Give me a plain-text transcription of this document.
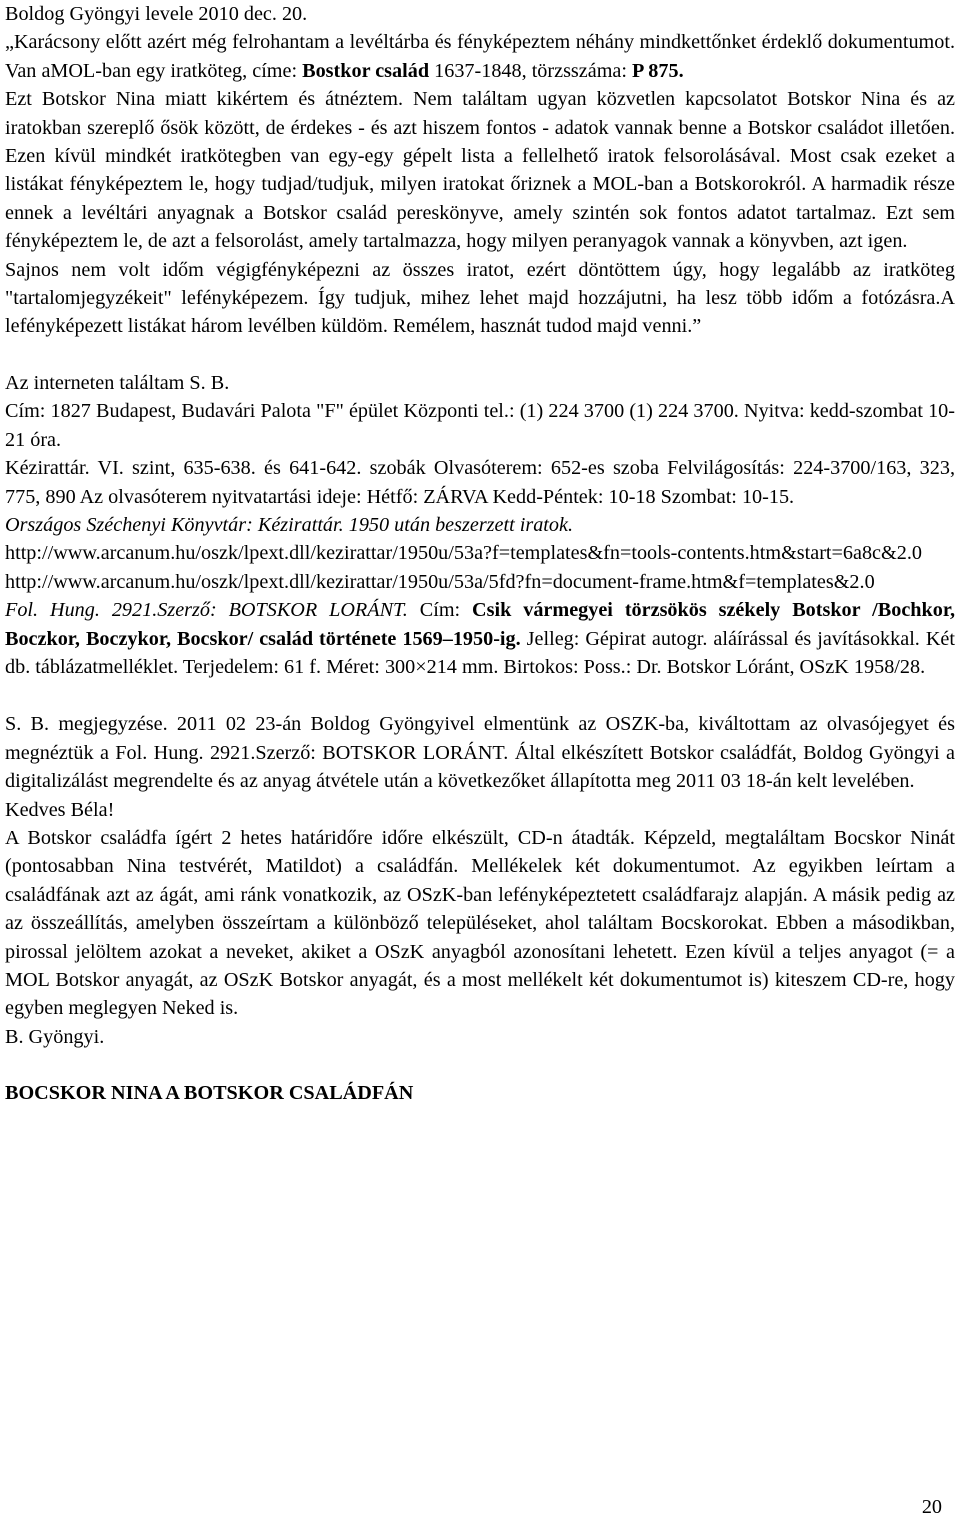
Boldog Gyöngyi levele 2010 dec. 20.

„Karácsony előtt azért még felrohantam a levéltárba és fényképeztem néhány mindkettőnket érdeklő dokumentumot. Van aMOL-ban egy iratköteg, címe: Bostkor család 1637-1848, törzsszáma: P 875.

Ezt Botskor Nina miatt kikértem és átnéztem. Nem találtam ugyan közvetlen kapcsolatot Botskor Nina és az iratokban szereplő ősök között, de érdekes - és azt hiszem fontos - adatok vannak benne a Botskor családot illetően. Ezen kívül mindkét iratkötegben van egy-egy gépelt lista a fellelhető iratok felsorolásával. Most csak ezeket a listákat fényképeztem le, hogy tudjad/tudjuk, milyen iratokat őriznek a MOL-ban a Botskorokról. A harmadik része ennek a levéltári anyagnak a Botskor család pereskönyve, amely szintén sok fontos adatot tartalmaz. Ezt sem fényképeztem le, de azt a felsorolást, amely tartalmazza, hogy milyen peranyagok vannak a könyvben, azt igen.

Sajnos nem volt időm végigfényképezni az összes iratot, ezért döntöttem úgy, hogy legalább az iratköteg "tartalomjegyzékeit" lefényképezem. Így tudjuk, mihez lehet majd hozzájutni, ha lesz több időm a fotózásra.A lefényképezett listákat három levélben küldöm. Remélem, hasznát tudod majd venni.”

Az interneten találtam S. B.

Cím: 1827 Budapest, Budavári Palota "F" épület Központi tel.: (1) 224 3700 (1) 224 3700. Nyitva: kedd-szombat 10-21 óra.

Kézirattár. VI. szint, 635-638. és 641-642. szobák Olvasóterem: 652-es szoba Felvilágosítás: 224-3700/163, 323, 775, 890 Az olvasóterem nyitvatartási ideje: Hétfő: ZÁRVA Kedd-Péntek: 10-18 Szombat: 10-15.

Országos Széchenyi Könyvtár: Kézirattár. 1950 után beszerzett iratok.

http://www.arcanum.hu/oszk/lpext.dll/kezirattar/1950u/53a?f=templates&fn=tools-contents.htm&start=6a8c&2.0

http://www.arcanum.hu/oszk/lpext.dll/kezirattar/1950u/53a/5fd?fn=document-frame.htm&f=templates&2.0

Fol. Hung. 2921.Szerző: BOTSKOR LORÁNT. Cím: Csik vármegyei törzsökös székely Botskor /Bochkor, Boczkor, Boczykor, Bocskor/ család története 1569–1950-ig. Jelleg: Gépirat autogr. aláírással és javításokkal. Két db. táblázatmelléklet. Terjedelem: 61 f. Méret: 300×214 mm. Birtokos: Poss.: Dr. Botskor Lóránt, OSzK 1958/28.

S. B. megjegyzése. 2011 02 23-án Boldog Gyöngyivel elmentünk az OSZK-ba, kiváltottam az olvasójegyet és megnéztük a Fol. Hung. 2921.Szerző: BOTSKOR LORÁNT. Által elkészített Botskor családfát, Boldog Gyöngyi a digitalizálást megrendelte és az anyag átvétele után a következőket állapította meg 2011 03 18-án kelt levelében.

Kedves Béla!

A Botskor családfa ígért 2 hetes határidőre időre elkészült, CD-n átadták. Képzeld, megtaláltam Bocskor Ninát (pontosabban Nina testvérét, Matildot) a családfán. Mellékelek két dokumentumot. Az egyikben leírtam a családfának azt az ágát, ami ránk vonatkozik, az OSzK-ban lefényképeztetett családfarajz alapján. A másik pedig az az összeállítás, amelyben összeírtam a különböző településeket, ahol találtam Bocskorokat. Ebben a másodikban, pirossal jelöltem azokat a neveket, akiket a OSzK anyagból azonosítani lehetett. Ezen kívül a teljes anyagot (= a MOL Botskor anyagát, az OSzK Botskor anyagát, és a most mellékelt két dokumentumot is) kiteszem CD-re, hogy egyben meglegyen Neked is.

B. Gyöngyi.

BOCSKOR NINA A BOTSKOR CSALÁDFÁN

20
